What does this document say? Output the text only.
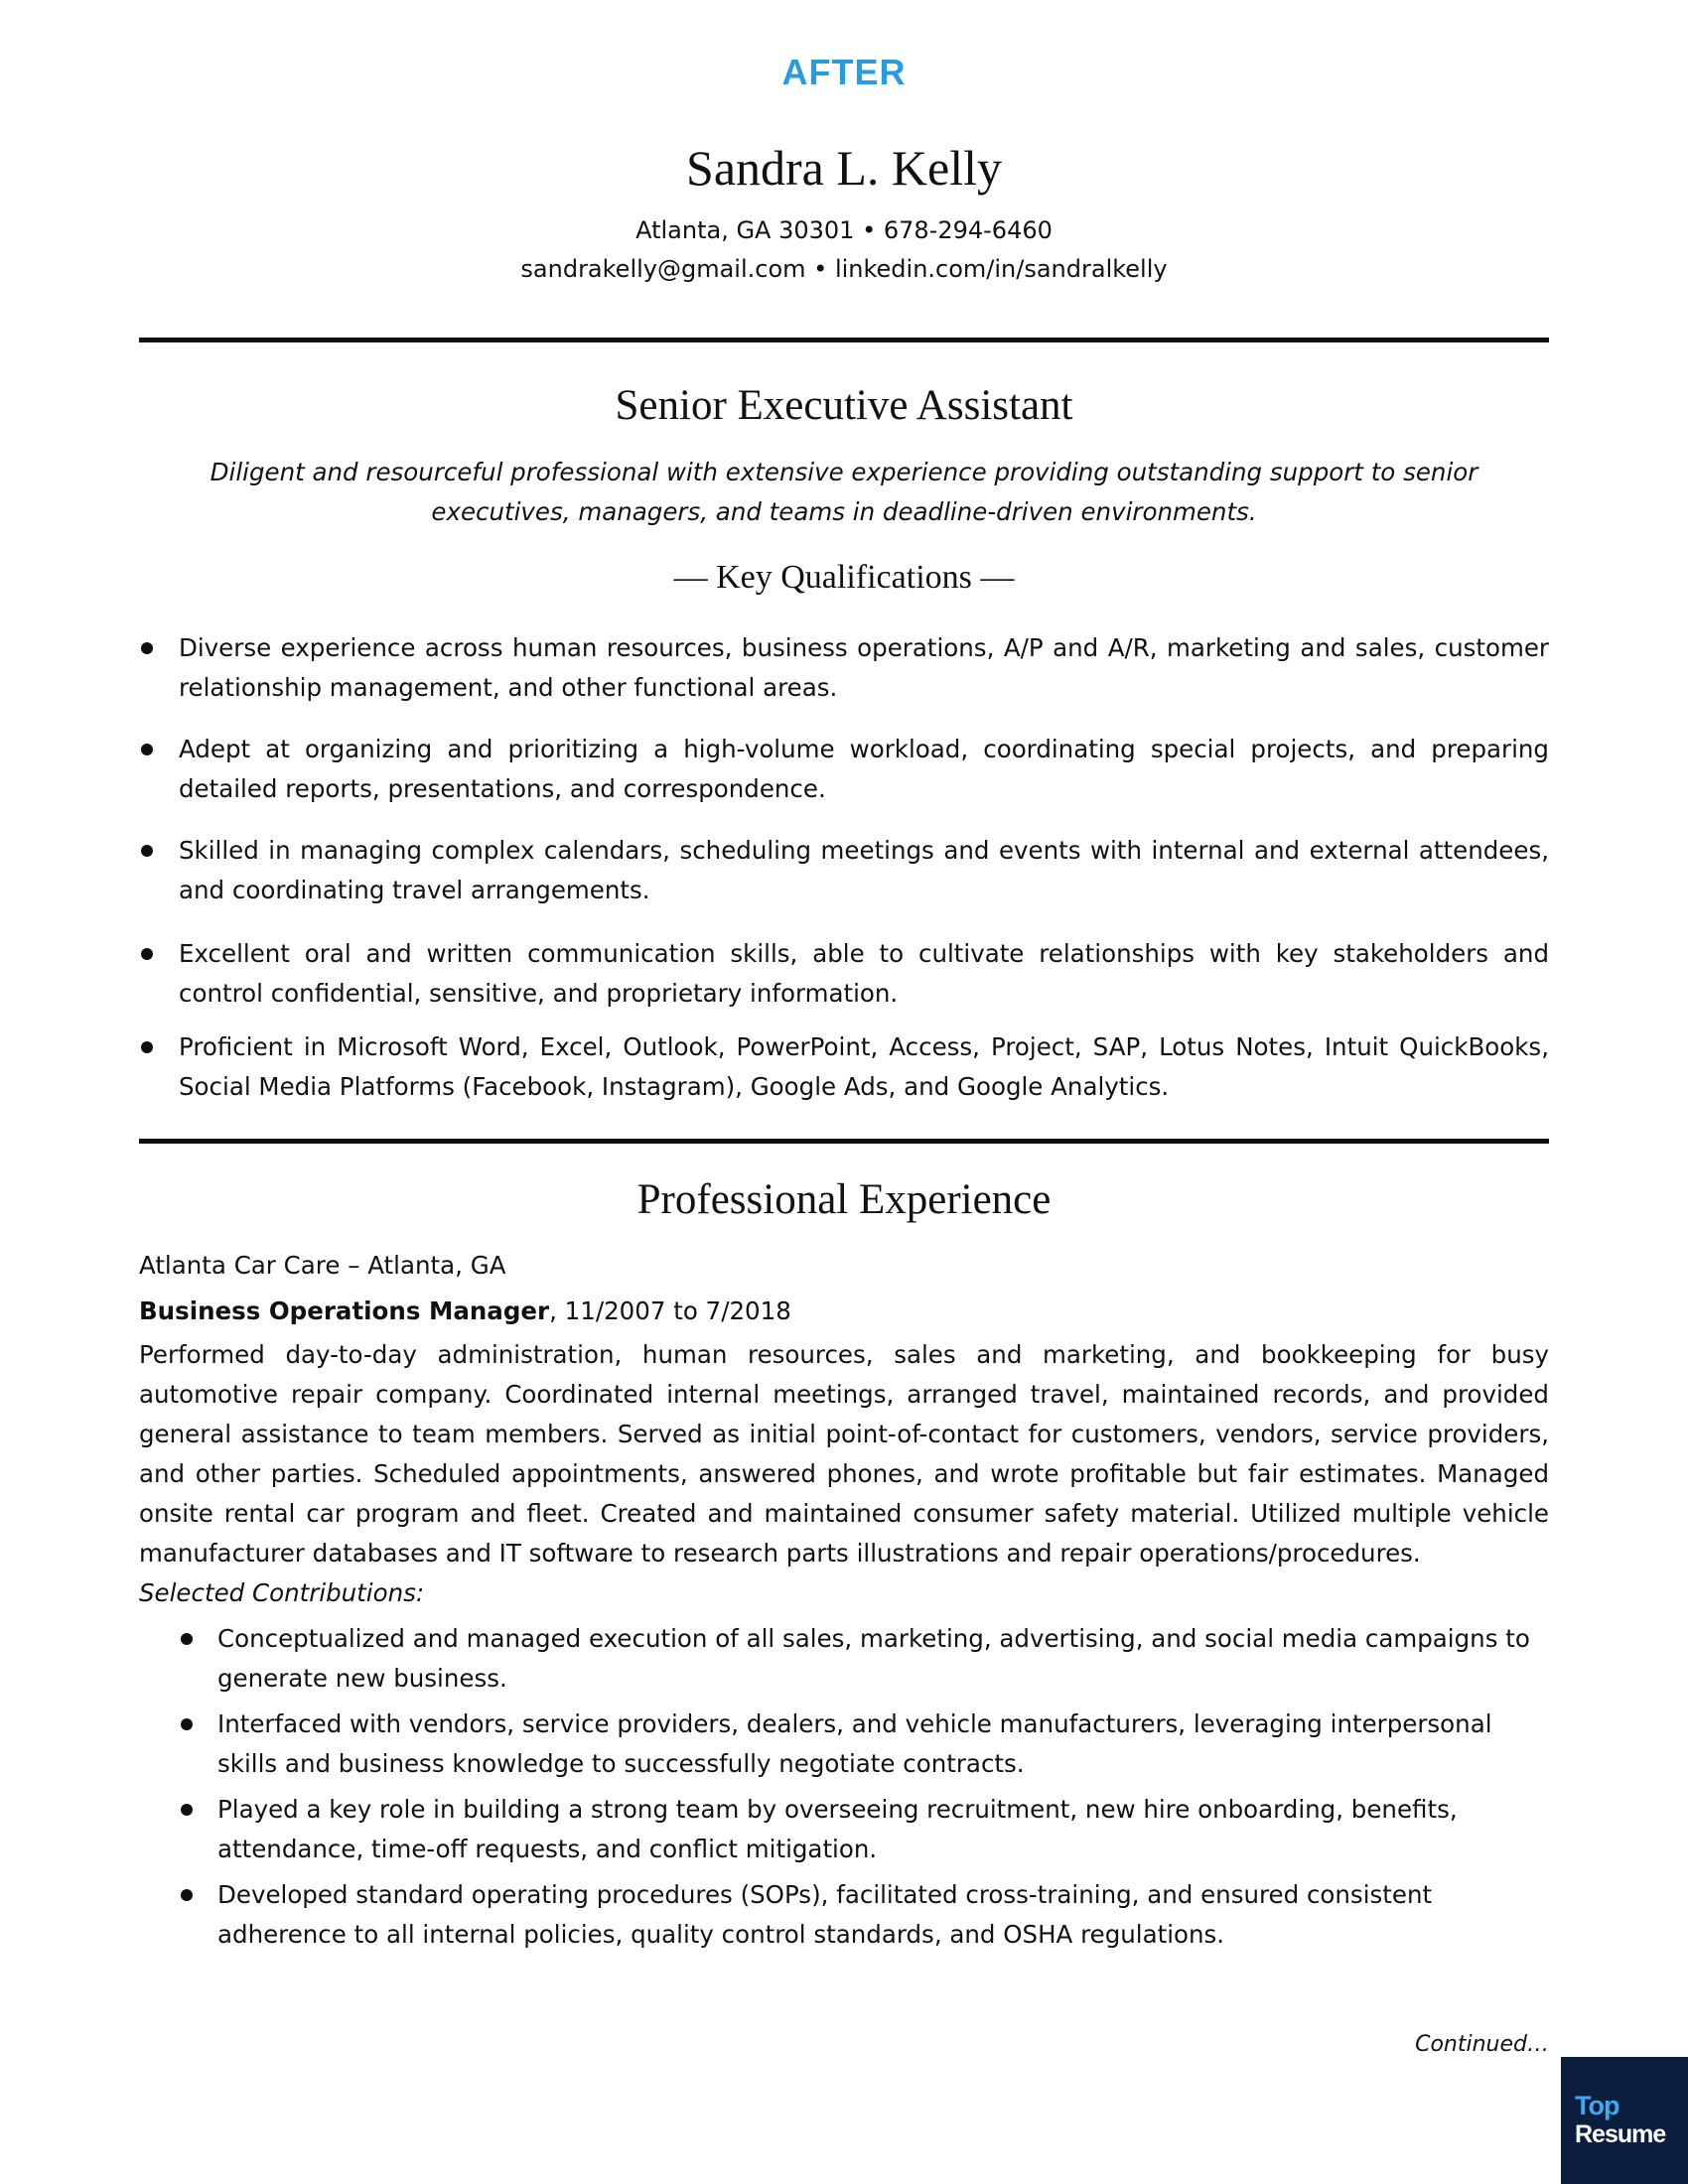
AFTER
Sandra L. Kelly
Atlanta, GA 30301 • 678-294-6460
sandrakelly@gmail.com • linkedin.com/in/sandralkelly
Senior Executive Assistant
Diligent and resourceful professional with extensive experience providing outstanding support to senior executives, managers, and teams in deadline-driven environments.
— Key Qualifications —
Diverse experience across human resources, business operations, A/P and A/R, marketing and sales, customer relationship management, and other functional areas.
Adept at organizing and prioritizing a high-volume workload, coordinating special projects, and preparing detailed reports, presentations, and correspondence.
Skilled in managing complex calendars, scheduling meetings and events with internal and external attendees, and coordinating travel arrangements.
Excellent oral and written communication skills, able to cultivate relationships with key stakeholders and control confidential, sensitive, and proprietary information.
Proficient in Microsoft Word, Excel, Outlook, PowerPoint, Access, Project, SAP, Lotus Notes, Intuit QuickBooks, Social Media Platforms (Facebook, Instagram), Google Ads, and Google Analytics.
Professional Experience

Atlanta Car Care – Atlanta, GA

Business Operations Manager, 11/2007 to 7/2018

Performed day-to-day administration, human resources, sales and marketing, and bookkeeping for busy automotive repair company. Coordinated internal meetings, arranged travel, maintained records, and provided general assistance to team members. Served as initial point-of-contact for customers, vendors, service providers, and other parties. Scheduled appointments, answered phones, and wrote profitable but fair estimates. Managed onsite rental car program and fleet. Created and maintained consumer safety material. Utilized multiple vehicle manufacturer databases and IT software to research parts illustrations and repair operations/procedures.

Selected Contributions:

Conceptualized and managed execution of all sales, marketing, advertising, and social media campaigns to generate new business.
Interfaced with vendors, service providers, dealers, and vehicle manufacturers, leveraging interpersonal skills and business knowledge to successfully negotiate contracts.
Played a key role in building a strong team by overseeing recruitment, new hire onboarding, benefits, attendance, time-off requests, and conflict mitigation.
Developed standard operating procedures (SOPs), facilitated cross-training, and ensured consistent adherence to all internal policies, quality control standards, and OSHA regulations.
Continued…
Top
Resume
